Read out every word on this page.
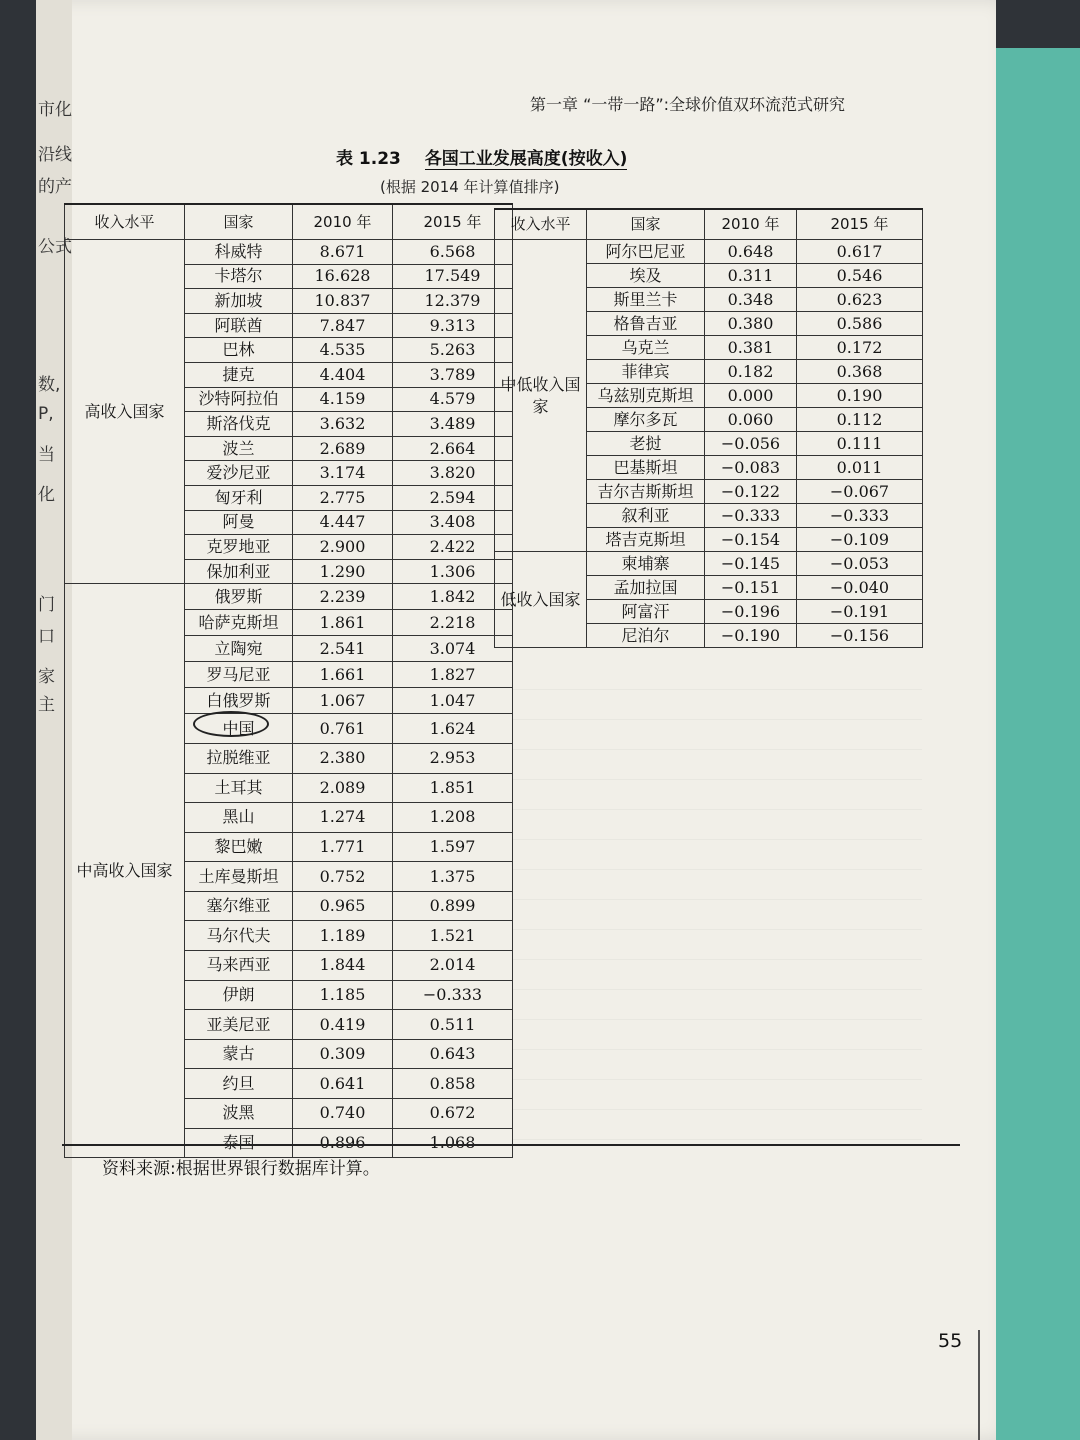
市化
沿线
的产
公式
数,
P,
当
化
门
口
家
主
第一章 “一带一路”:全球价值双环流范式研究
表 1.23 各国工业发展高度(按收入)
(根据 2014 年计算值排序)
收入水平	国家	2010 年	2015 年
高收入国家	科威特	8.671	6.568
	卡塔尔	16.628	17.549
	新加坡	10.837	12.379
	阿联酋	7.847	9.313
	巴林	4.535	5.263
	捷克	4.404	3.789
	沙特阿拉伯	4.159	4.579
	斯洛伐克	3.632	3.489
	波兰	2.689	2.664
	爱沙尼亚	3.174	3.820
	匈牙利	2.775	2.594
	阿曼	4.447	3.408
	克罗地亚	2.900	2.422
	保加利亚	1.290	1.306
中高收入国家	俄罗斯	2.239	1.842
	哈萨克斯坦	1.861	2.218
	立陶宛	2.541	3.074
	罗马尼亚	1.661	1.827
	白俄罗斯	1.067	1.047
	中国	0.761	1.624
	拉脱维亚	2.380	2.953
	土耳其	2.089	1.851
	黑山	1.274	1.208
	黎巴嫩	1.771	1.597
	土库曼斯坦	0.752	1.375
	塞尔维亚	0.965	0.899
	马尔代夫	1.189	1.521
	马来西亚	1.844	2.014
	伊朗	1.185	−0.333
	亚美尼亚	0.419	0.511
	蒙古	0.309	0.643
	约旦	0.641	0.858
	波黑	0.740	0.672
	泰国	0.896	1.068
收入水平	国家	2010 年	2015 年
中低收入国家	阿尔巴尼亚	0.648	0.617
	埃及	0.311	0.546
	斯里兰卡	0.348	0.623
	格鲁吉亚	0.380	0.586
	乌克兰	0.381	0.172
	菲律宾	0.182	0.368
	乌兹别克斯坦	0.000	0.190
	摩尔多瓦	0.060	0.112
	老挝	−0.056	0.111
	巴基斯坦	−0.083	0.011
	吉尔吉斯斯坦	−0.122	−0.067
	叙利亚	−0.333	−0.333
	塔吉克斯坦	−0.154	−0.109
低收入国家	柬埔寨	−0.145	−0.053
	孟加拉国	−0.151	−0.040
	阿富汗	−0.196	−0.191
	尼泊尔	−0.190	−0.156
资料来源:根据世界银行数据库计算。
55
